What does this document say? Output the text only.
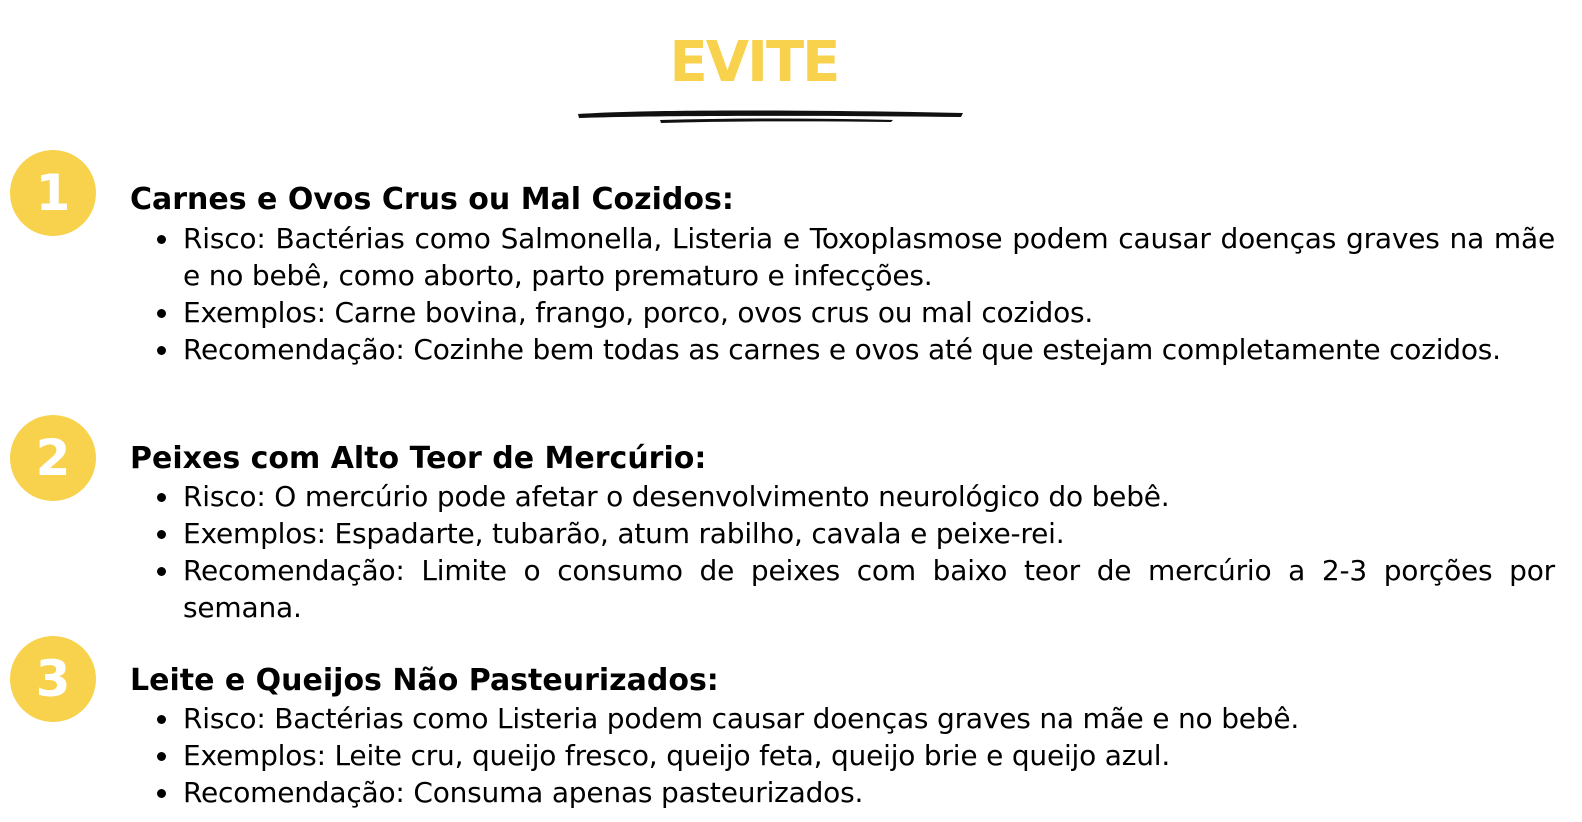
EVITE
1	Carnes e Ovos Crus ou Mal Cozidos:
Risco: Bactérias como Salmonella, Listeria e Toxoplasmose podem causar doenças graves na mãe e no bebê, como aborto, parto prematuro e infecções.
Exemplos: Carne bovina, frango, porco, ovos crus ou mal cozidos.
Recomendação: Cozinhe bem todas as carnes e ovos até que estejam completamente cozidos.
2	Peixes com Alto Teor de Mercúrio:
Risco: O mercúrio pode afetar o desenvolvimento neurológico do bebê.
Exemplos: Espadarte, tubarão, atum rabilho, cavala e peixe-rei.
Recomendação: Limite o consumo de peixes com baixo teor de mercúrio a 2-3 porções por semana.
3	Leite e Queijos Não Pasteurizados:
Risco: Bactérias como Listeria podem causar doenças graves na mãe e no bebê.
Exemplos: Leite cru, queijo fresco, queijo feta, queijo brie e queijo azul.
Recomendação: Consuma apenas pasteurizados.
